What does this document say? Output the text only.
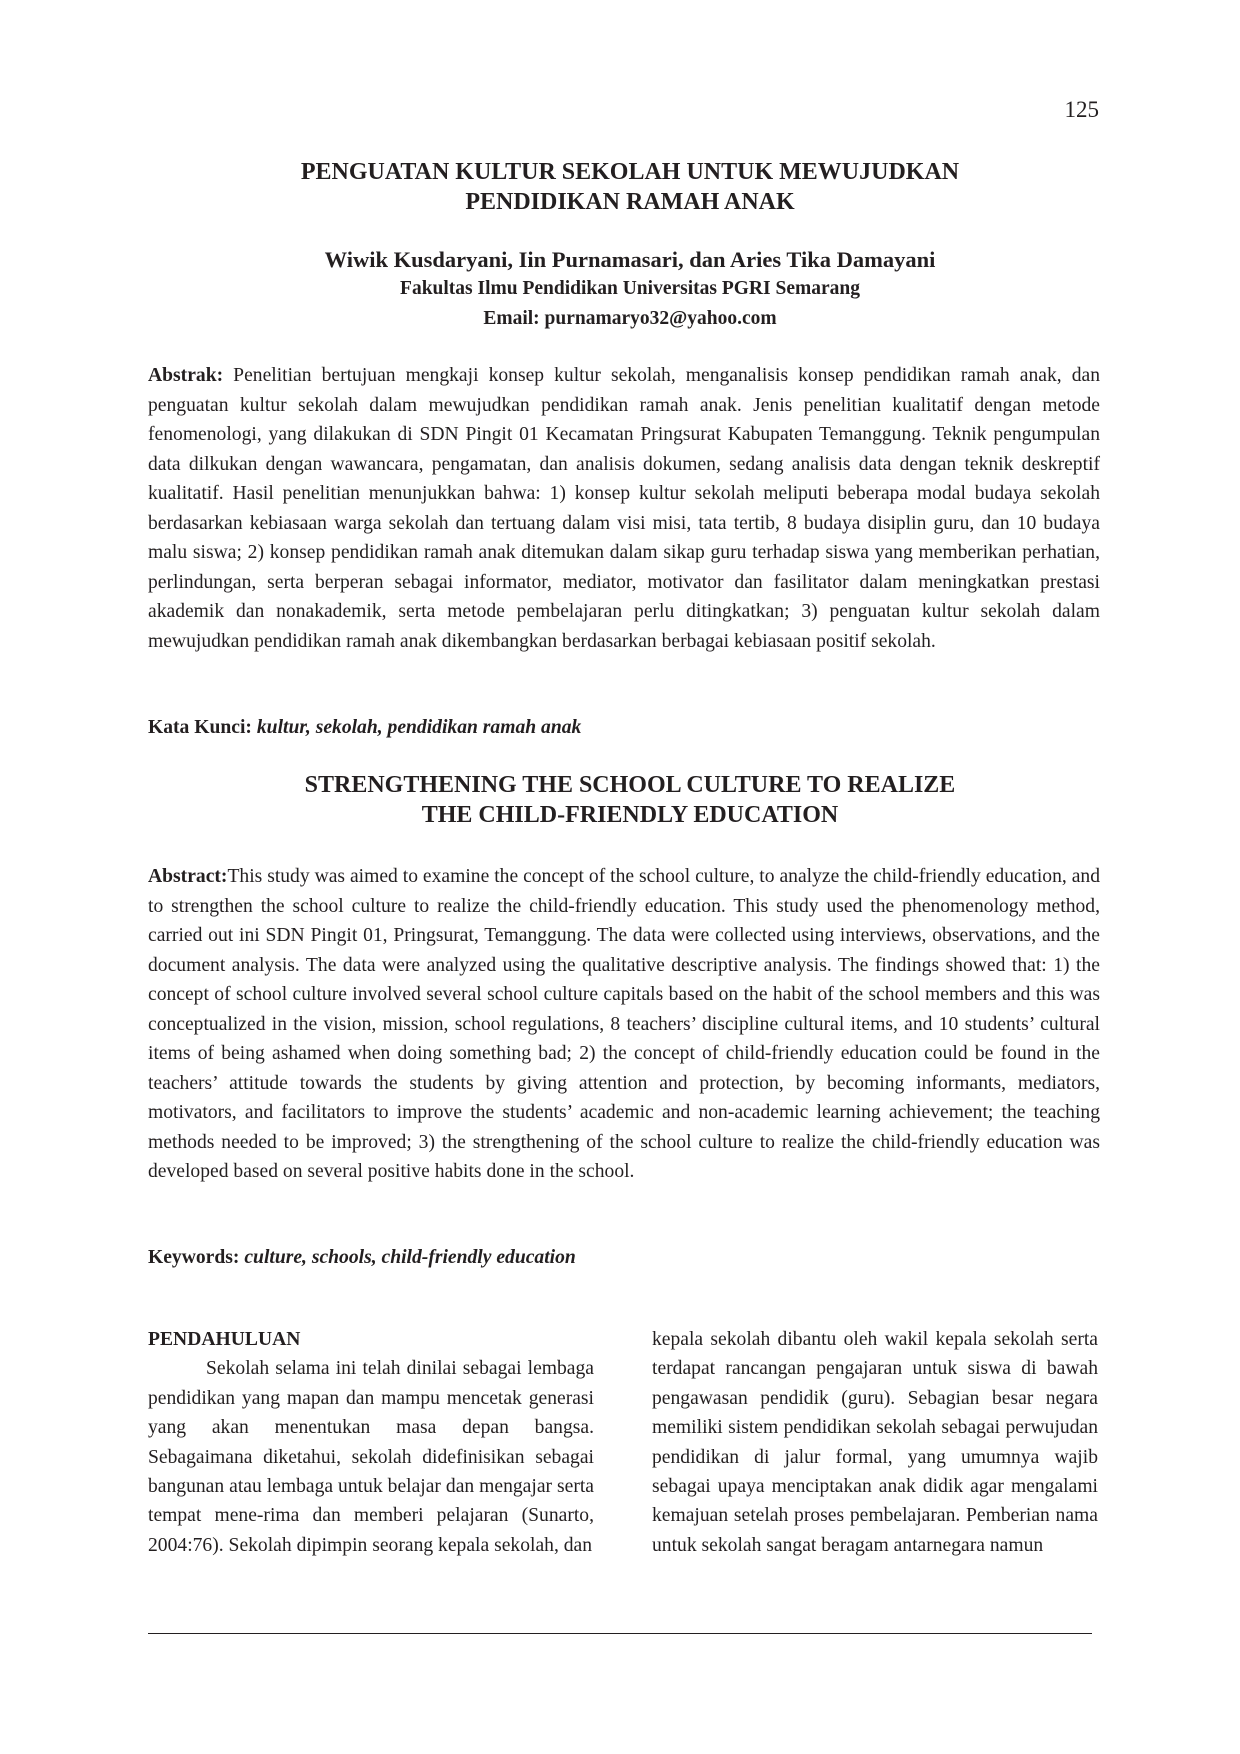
125
PENGUATAN KULTUR SEKOLAH UNTUK MEWUJUDKAN
PENDIDIKAN RAMAH ANAK
Wiwik Kusdaryani, Iin Purnamasari, dan Aries Tika Damayani
Fakultas Ilmu Pendidikan Universitas PGRI Semarang
Email: purnamaryo32@yahoo.com
Abstrak: Penelitian bertujuan mengkaji konsep kultur sekolah, menganalisis konsep pendidikan ramah anak, dan penguatan kultur sekolah dalam mewujudkan pendidikan ramah anak. Jenis penelitian kualitatif dengan metode fenomenologi, yang dilakukan di SDN Pingit 01 Kecamatan Pringsurat Kabupaten Temanggung. Teknik pengumpulan data dilkukan dengan wawancara, pengamatan, dan analisis dokumen, sedang analisis data dengan teknik deskreptif kualitatif. Hasil penelitian menunjukkan bahwa: 1) konsep kultur sekolah meliputi beberapa modal budaya sekolah berdasarkan kebiasaan warga sekolah dan tertuang dalam visi misi, tata tertib, 8 budaya disiplin guru, dan 10 budaya malu siswa; 2) konsep pendidikan ramah anak ditemukan dalam sikap guru terhadap siswa yang memberikan perhatian, perlindungan, serta berperan sebagai informator, mediator, motivator dan fasilitator dalam meningkatkan prestasi akademik dan nonakademik, serta metode pembelajaran perlu ditingkatkan; 3) penguatan kultur sekolah dalam mewujudkan pendidikan ramah anak dikembangkan berdasarkan berbagai kebiasaan positif sekolah.
Kata Kunci: kultur, sekolah, pendidikan ramah anak
STRENGTHENING THE SCHOOL CULTURE TO REALIZE
THE CHILD-FRIENDLY EDUCATION
Abstract:This study was aimed to examine the concept of the school culture, to analyze the child-friendly education, and to strengthen the school culture to realize the child-friendly education. This study used the phenomenology method, carried out ini SDN Pingit 01, Pringsurat, Temanggung. The data were collected using interviews, observations, and the document analysis. The data were analyzed using the qualitative descriptive analysis. The findings showed that: 1) the concept of school culture involved several school culture capitals based on the habit of the school members and this was conceptualized in the vision, mission, school regulations, 8 teachers’ discipline cultural items, and 10 students’ cultural items of being ashamed when doing something bad; 2) the concept of child-friendly education could be found in the teachers’ attitude towards the students by giving attention and protection, by becoming informants, mediators, motivators, and facilitators to improve the students’ academic and non-academic learning achievement; the teaching methods needed to be improved; 3) the strengthening of the school culture to realize the child-friendly education was developed based on several positive habits done in the school.
Keywords: culture, schools, child-friendly education
PENDAHULUAN
Sekolah selama ini telah dinilai sebagai lembaga pendidikan yang mapan dan mampu mencetak generasi yang akan menentukan masa depan bangsa. Sebagaimana diketahui, sekolah didefinisikan sebagai bangunan atau lembaga untuk belajar dan mengajar serta tempat mene-rima dan memberi pelajaran (Sunarto, 2004:76). Sekolah dipimpin seorang kepala sekolah, dan
kepala sekolah dibantu oleh wakil kepala sekolah serta terdapat rancangan pengajaran untuk siswa di bawah pengawasan pendidik (guru). Sebagian besar negara memiliki sistem pendidikan sekolah sebagai perwujudan pendidikan di jalur formal, yang umumnya wajib sebagai upaya menciptakan anak didik agar mengalami kemajuan setelah proses pembelajaran. Pemberian nama untuk sekolah sangat beragam antarnegara namun
